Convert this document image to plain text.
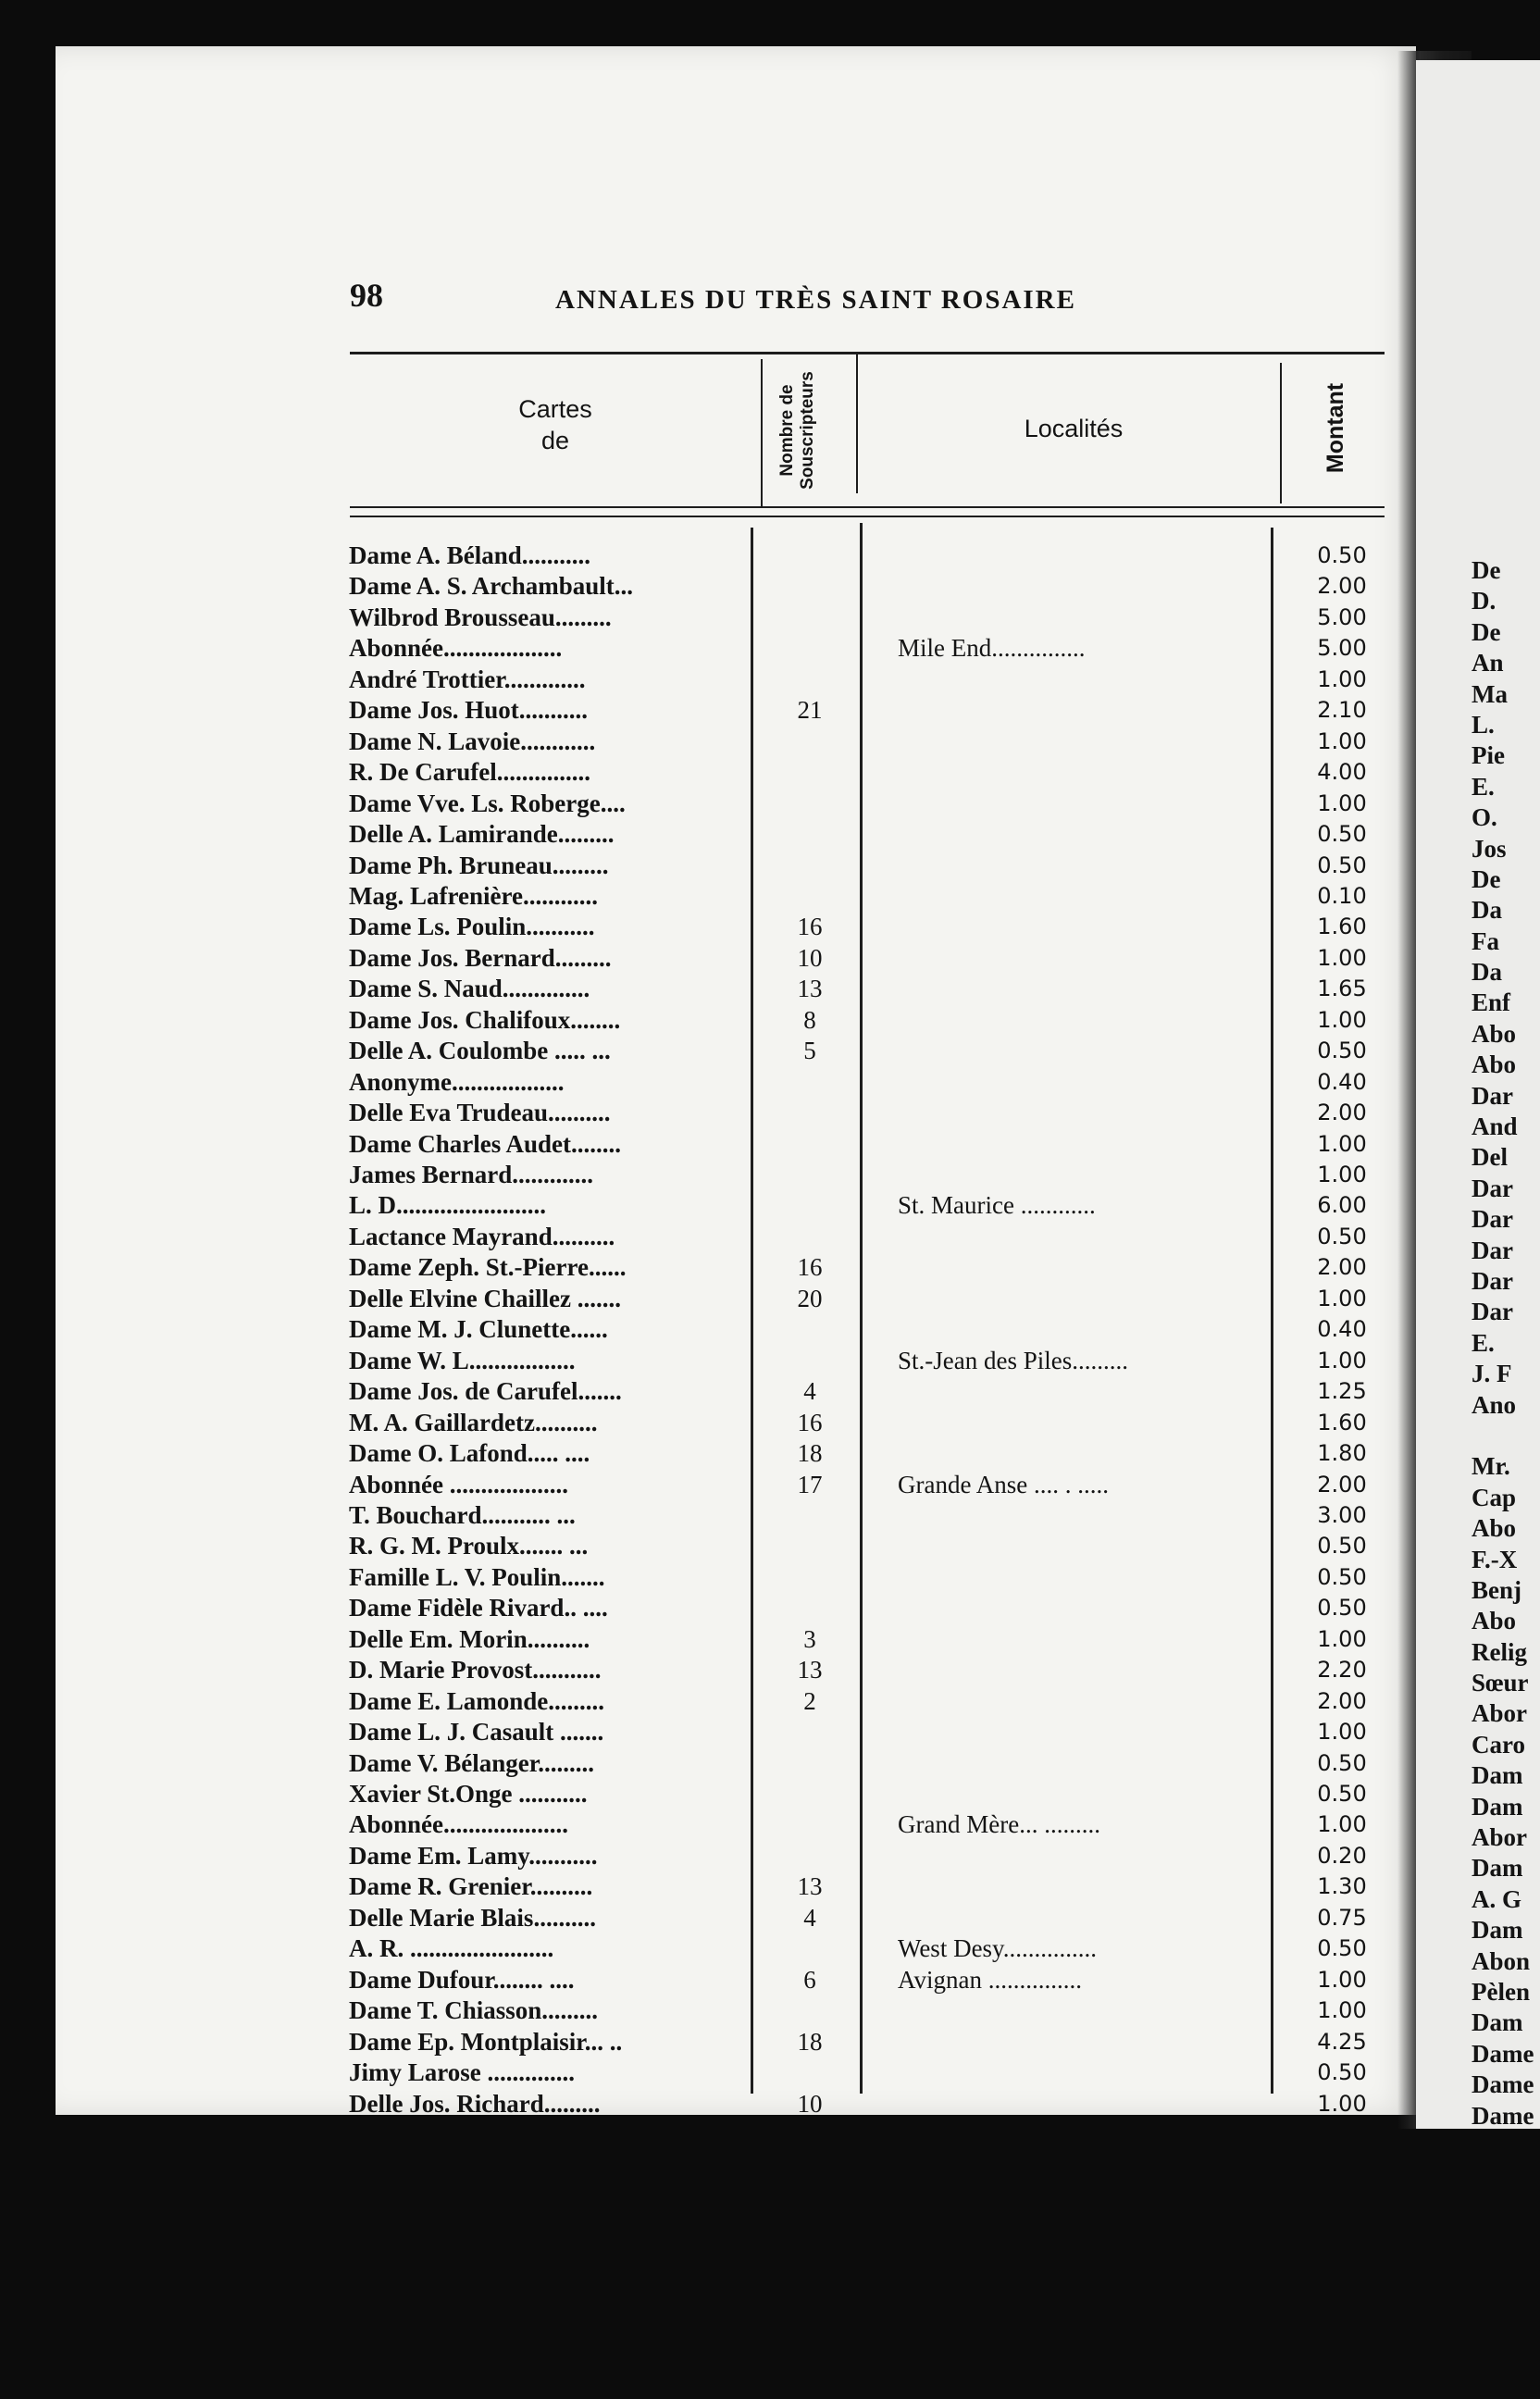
98	ANNALES DU TRÈS SAINT ROSAIRE
Cartes
de	Nombre de Souscripteurs	Localités	Montant
Dame A. Béland...........	0.50
Dame A. S. Archambault...	2.00
Wilbrod Brousseau.........	5.00
Abonnée...................	Mile End...............	5.00
André Trottier.............	1.00
Dame Jos. Huot...........	21	2.10
Dame N. Lavoie............	1.00
R. De Carufel...............	4.00
Dame Vve. Ls. Roberge....	1.00
Delle A. Lamirande.........	0.50
Dame Ph. Bruneau.........	0.50
Mag. Lafrenière............	0.10
Dame Ls. Poulin...........	16	1.60
Dame Jos. Bernard.........	10	1.00
Dame S. Naud..............	13	1.65
Dame Jos. Chalifoux........	8	1.00
Delle A. Coulombe ..... ...	5	0.50
Anonyme..................	0.40
Delle Eva Trudeau..........	2.00
Dame Charles Audet........	1.00
James Bernard.............	1.00
L. D........................	St. Maurice ............	6.00
Lactance Mayrand..........	0.50
Dame Zeph. St.-Pierre......	16	2.00
Delle Elvine Chaillez .......	20	1.00
Dame M. J. Clunette......	0.40
Dame W. L.................	St.-Jean des Piles.........	1.00
Dame Jos. de Carufel.......	4	1.25
M. A. Gaillardetz..........	16	1.60
Dame O. Lafond..... ....	18	1.80
Abonnée ...................	17	Grande Anse .... . .....	2.00
T. Bouchard........... ...	3.00
R. G. M. Proulx....... ...	0.50
Famille L. V. Poulin.......	0.50
Dame Fidèle Rivard.. ....	0.50
Delle Em. Morin..........	3	1.00
D. Marie Provost...........	13	2.20
Dame E. Lamonde.........	2	2.00
Dame L. J. Casault .......	1.00
Dame V. Bélanger.........	0.50
Xavier St.Onge ...........	0.50
Abonnée....................	Grand Mère... .........	1.00
Dame Em. Lamy...........	0.20
Dame R. Grenier..........	13	1.30
Delle Marie Blais..........	4	0.75
A. R. .......................	West Desy...............	0.50
Dame Dufour........ ....	6	Avignan ...............	1.00
Dame T. Chiasson.........	1.00
Dame Ep. Montplaisir... ..	18	4.25
Jimy Larose ..............	0.50
Delle Jos. Richard.........	10	1.00
De
D.
De
An
Ma
L.
Pie
E.
O.
Jos
De
Da
Fa
Da
Enf
Abo
Abo
Dar
And
Del
Dar
Dar
Dar
Dar
Dar
E.
J. F
Ano
Mr.
Cap
Abo
F.-X
Benj
Abo
Relig
Sœur
Abor
Caro
Dam
Dam
Abor
Dam
A. G
Dam
Abon
Pèlen
Dam
Dame
Dame
Dame
